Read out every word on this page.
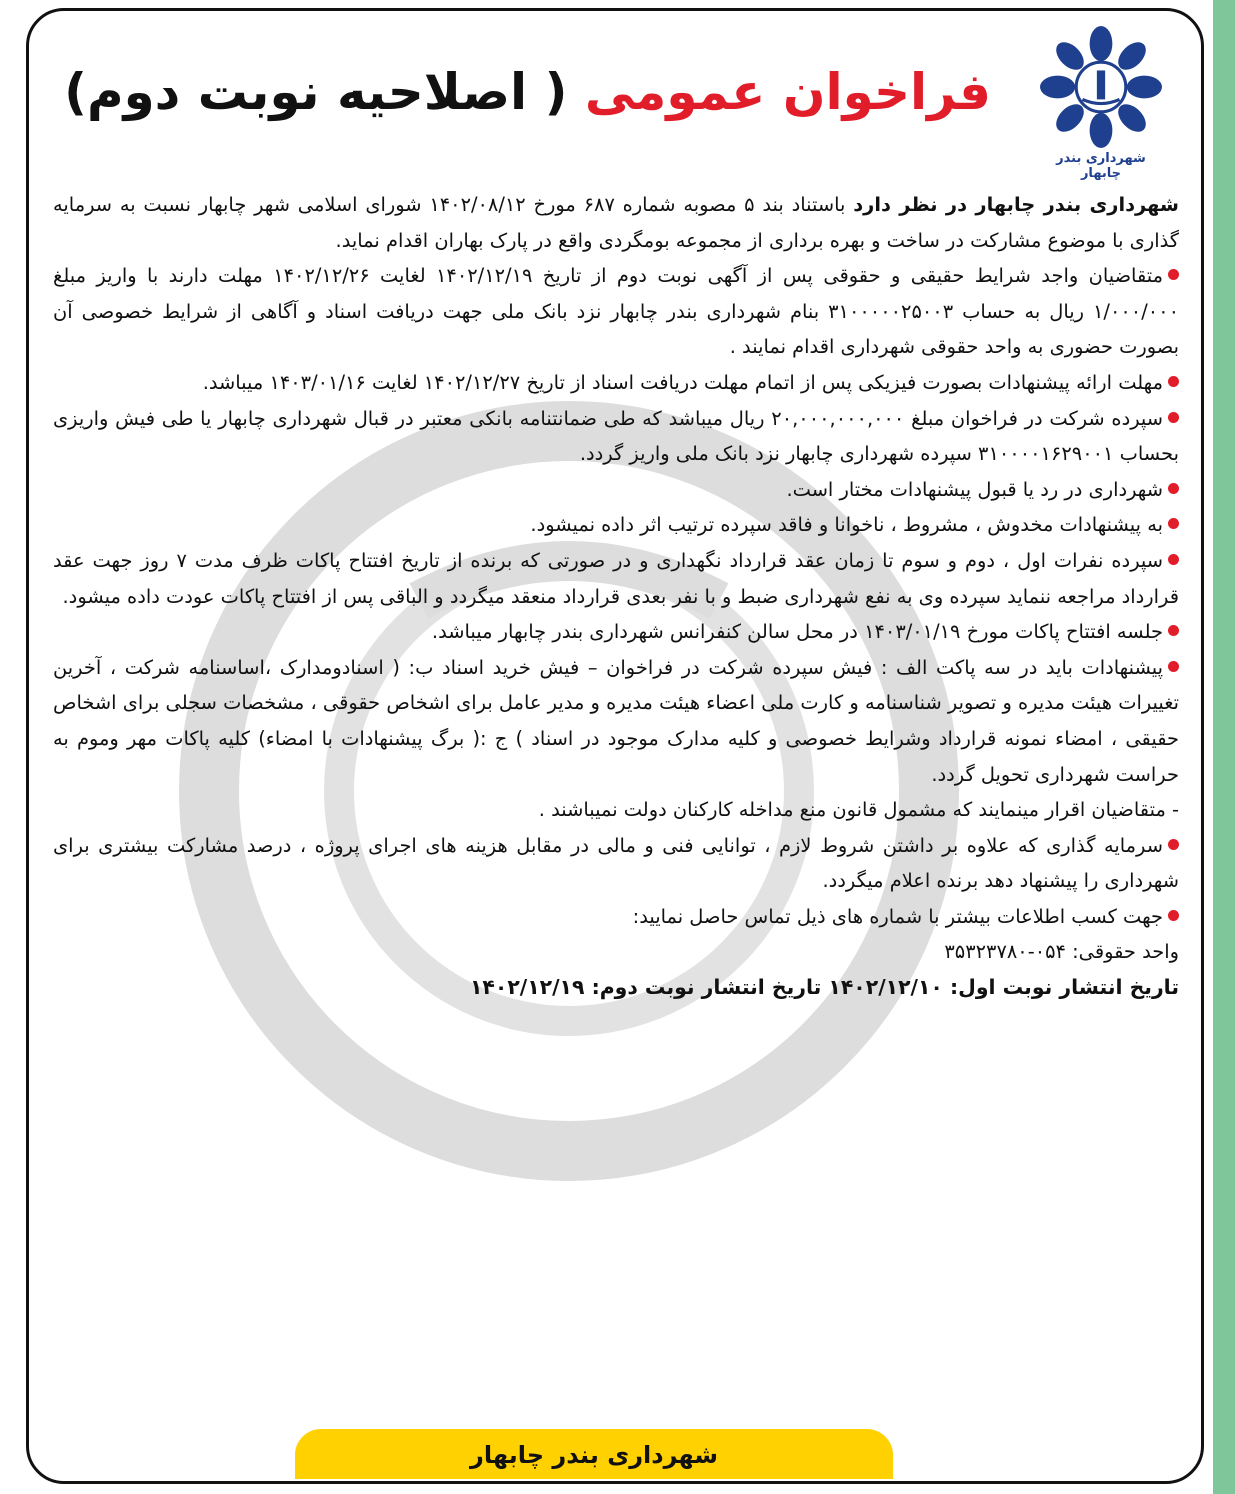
شهرداری بندر چابهار
فراخوان عمومی ( اصلاحیه نوبت دوم)

شهرداری بندر چابهار در نظر دارد باستناد بند ۵ مصوبه شماره ۶۸۷ مورخ ۱۴۰۲/۰۸/۱۲ شورای اسلامی شهر چابهار نسبت به سرمایه گذاری با موضوع مشارکت در ساخت و بهره برداری از مجموعه بومگردی واقع در پارک بهاران اقدام نماید.

متقاضیان واجد شرایط حقیقی و حقوقی پس از آگهی نوبت دوم از تاریخ ۱۴۰۲/۱۲/۱۹ لغایت ۱۴۰۲/۱۲/۲۶ مهلت دارند با واریز مبلغ ۱/۰۰۰/۰۰۰ ریال به حساب ۳۱۰۰۰۰۰۲۵۰۰۳ بنام شهرداری بندر چابهار نزد بانک ملی جهت دریافت اسناد و آگاهی از شرایط خصوصی آن بصورت حضوری به واحد حقوقی شهرداری اقدام نمایند .

مهلت ارائه پیشنهادات بصورت فیزیکی پس از اتمام مهلت دریافت اسناد از تاریخ ۱۴۰۲/۱۲/۲۷ لغایت ۱۴۰۳/۰۱/۱۶ میباشد.

سپرده شرکت در فراخوان مبلغ ۲۰,۰۰۰,۰۰۰,۰۰۰ ریال میباشد که طی ضمانتنامه بانکی معتبر در قبال شهرداری چابهار یا طی فیش واریزی بحساب ۳۱۰۰۰۰۱۶۲۹۰۰۱ سپرده شهرداری چابهار نزد بانک ملی واریز گردد.

شهرداری در رد یا قبول پیشنهادات مختار است.

به پیشنهادات مخدوش ، مشروط ، ناخوانا و فاقد سپرده ترتیب اثر داده نمیشود.

سپرده نفرات اول ، دوم و سوم تا زمان عقد قرارداد نگهداری و در صورتی که برنده از تاریخ افتتاح پاکات ظرف مدت ۷ روز جهت عقد قرارداد مراجعه ننماید سپرده وی به نفع شهرداری ضبط و با نفر بعدی قرارداد منعقد میگردد و الباقی پس از افتتاح پاکات عودت داده میشود.

جلسه افتتاح پاکات مورخ ۱۴۰۳/۰۱/۱۹ در محل سالن کنفرانس شهرداری بندر چابهار میباشد.

پیشنهادات باید در سه پاکت الف : فیش سپرده شرکت در فراخوان – فیش خرید اسناد ب: ( اسنادومدارک ،اساسنامه شرکت ، آخرین تغییرات هیئت مدیره و تصویر شناسنامه و کارت ملی اعضاء هیئت مدیره و مدیر عامل برای اشخاص حقوقی ، مشخصات سجلی برای اشخاص حقیقی ، امضاء نمونه قرارداد وشرایط خصوصی و کلیه مدارک موجود در اسناد ) ج :( برگ پیشنهادات با امضاء) کلیه پاکات مهر وموم به حراست شهرداری تحویل گردد.

- متقاضیان اقرار مینمایند که مشمول قانون منع مداخله کارکنان دولت نمیباشند .

سرمایه گذاری که علاوه بر داشتن شروط لازم ، توانایی فنی و مالی در مقابل هزینه های اجرای پروژه ، درصد مشارکت بیشتری برای شهرداری را پیشنهاد دهد برنده اعلام میگردد.

جهت کسب اطلاعات بیشتر با شماره های ذیل تماس حاصل نمایید:

واحد حقوقی: ۰۵۴-۳۵۳۲۳۷۸۰

تاریخ انتشار نوبت اول: ۱۴۰۲/۱۲/۱۰ تاریخ انتشار نوبت دوم: ۱۴۰۲/۱۲/۱۹

شهرداری بندر چابهار
